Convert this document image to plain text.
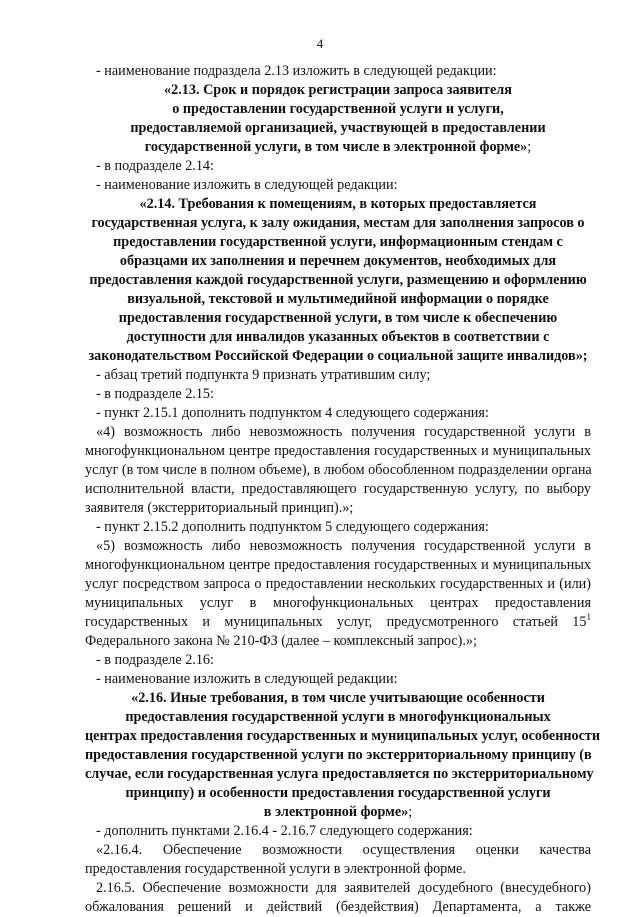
4
- наименование подраздела 2.13 изложить в следующей редакции:
«2.13. Срок и порядок регистрации запроса заявителя
о предоставлении государственной услуги и услуги,
предоставляемой организацией, участвующей в предоставлении
государственной услуги, в том числе в электронной форме»;
- в подразделе 2.14:
- наименование изложить в следующей редакции:
«2.14. Требования к помещениям, в которых предоставляется
государственная услуга, к залу ожидания, местам для заполнения запросов о
предоставлении государственной услуги, информационным стендам с
образцами их заполнения и перечнем документов, необходимых для
предоставления каждой государственной услуги, размещению и оформлению
визуальной, текстовой и мультимедийной информации о порядке
предоставления государственной услуги, в том числе к обеспечению
доступности для инвалидов указанных объектов в соответствии с
законодательством Российской Федерации о социальной защите инвалидов»;
- абзац третий подпункта 9 признать утратившим силу;
- в подразделе 2.15:
- пункт 2.15.1 дополнить подпунктом 4 следующего содержания:
«4) возможность либо невозможность получения государственной услуги в
многофункциональном центре предоставления государственных и муниципальных
услуг (в том числе в полном объеме), в любом обособленном подразделении органа
исполнительной власти, предоставляющего государственную услугу, по выбору
заявителя (экстерриториальный принцип).»;
- пункт 2.15.2 дополнить подпунктом 5 следующего содержания:
«5) возможность либо невозможность получения государственной услуги в
многофункциональном центре предоставления государственных и муниципальных
услуг посредством запроса о предоставлении нескольких государственных и (или)
муниципальных услуг в многофункциональных центрах предоставления
государственных и муниципальных услуг, предусмотренного статьей $15^1$
Федерального закона № 210-ФЗ (далее – комплексный запрос).»;
- в подразделе 2.16:
- наименование изложить в следующей редакции:
«2.16. Иные требования, в том числе учитывающие особенности
предоставления государственной услуги в многофункциональных
центрах предоставления государственных и муниципальных услуг, особенности
предоставления государственной услуги по экстерриториальному принципу (в
случае, если государственная услуга предоставляется по экстерриториальному
принципу) и особенности предоставления государственной услуги
в электронной форме»;
- дополнить пунктами 2.16.4 - 2.16.7 следующего содержания:
«2.16.4. Обеспечение возможности осуществления оценки качества
предоставления государственной услуги в электронной форме.
2.16.5. Обеспечение возможности для заявителей досудебного (внесудебного)
обжалования решений и действий (бездействия) Департамента, а также
